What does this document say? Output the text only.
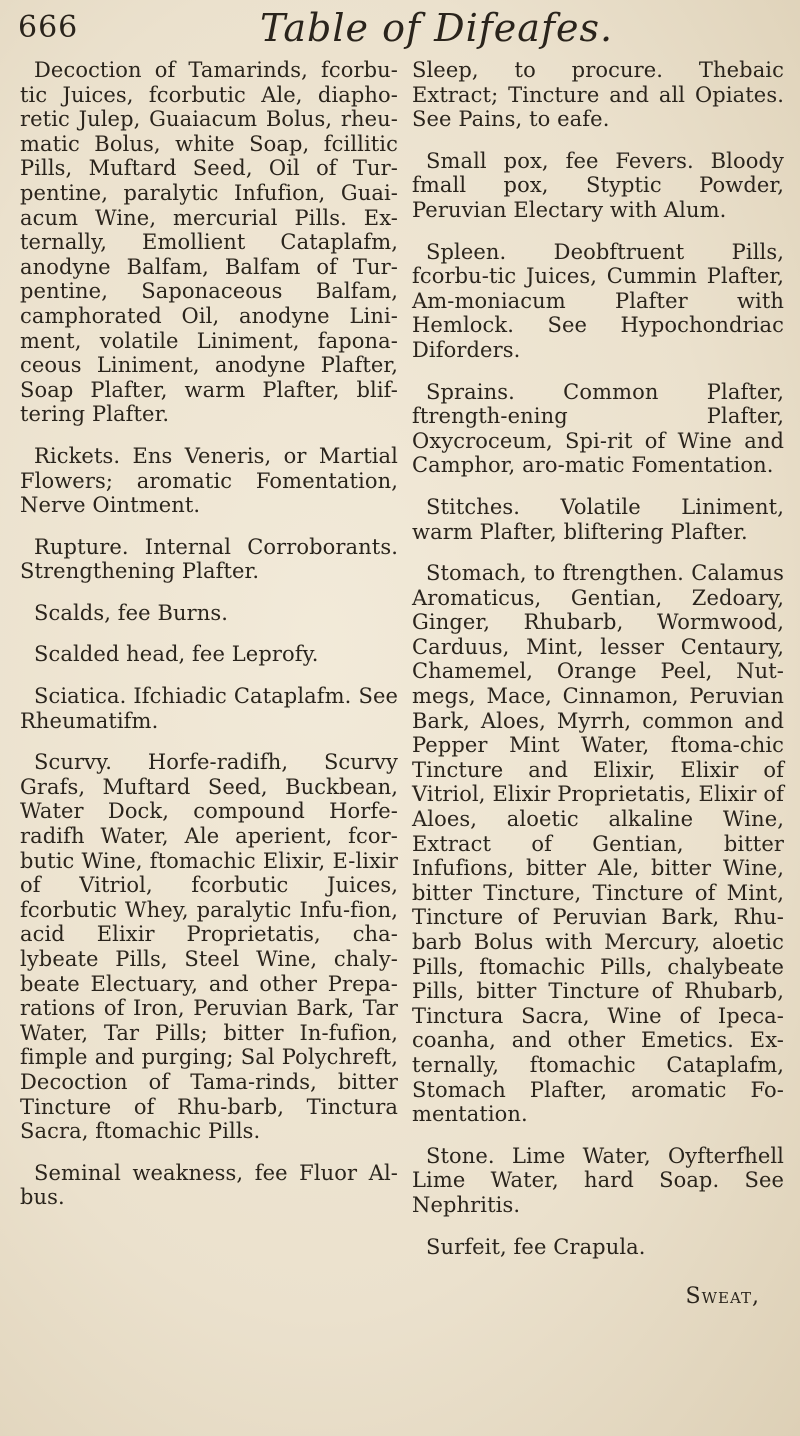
666	Table of Difeafes.

Decoction of Tamarinds, fcorbu-tic Juices, fcorbutic Ale, diapho-retic Julep, Guaiacum Bolus, rheu-matic Bolus, white Soap, fcillitic Pills, Muftard Seed, Oil of Tur-pentine, paralytic Infufion, Guai-acum Wine, mercurial Pills. Ex-ternally, Emollient Cataplafm, anodyne Balfam, Balfam of Tur-pentine, Saponaceous Balfam, camphorated Oil, anodyne Lini-ment, volatile Liniment, fapona-ceous Liniment, anodyne Plafter, Soap Plafter, warm Plafter, blif-tering Plafter.

Rickets. Ens Veneris, or Martial Flowers; aromatic Fomentation, Nerve Ointment.

Rupture. Internal Corroborants. Strengthening Plafter.

Scalds, fee Burns.

Scalded head, fee Leprofy.

Sciatica. Ifchiadic Cataplafm. See Rheumatifm.

Scurvy. Horfe-radifh, Scurvy Grafs, Muftard Seed, Buckbean, Water Dock, compound Horfe-radifh Water, Ale aperient, fcor-butic Wine, ftomachic Elixir, E-lixir of Vitriol, fcorbutic Juices, fcorbutic Whey, paralytic Infu-fion, acid Elixir Proprietatis, cha-lybeate Pills, Steel Wine, chaly-beate Electuary, and other Prepa-rations of Iron, Peruvian Bark, Tar Water, Tar Pills; bitter In-fufion, fimple and purging; Sal Polychreft, Decoction of Tama-rinds, bitter Tincture of Rhu-barb, Tinctura Sacra, ftomachic Pills.

Seminal weakness, fee Fluor Al-bus.

Sleep, to procure. Thebaic Extract; Tincture and all Opiates. See Pains, to eafe.

Small pox, fee Fevers. Bloody fmall pox, Styptic Powder, Peruvian Electary with Alum.

Spleen. Deobftruent Pills, fcorbu-tic Juices, Cummin Plafter, Am-moniacum Plafter with Hemlock. See Hypochondriac Diforders.

Sprains. Common Plafter, ftrength-ening Plafter, Oxycroceum, Spi-rit of Wine and Camphor, aro-matic Fomentation.

Stitches. Volatile Liniment, warm Plafter, bliftering Plafter.

Stomach, to ftrengthen. Calamus Aromaticus, Gentian, Zedoary, Ginger, Rhubarb, Wormwood, Carduus, Mint, lesser Centaury, Chamemel, Orange Peel, Nut-megs, Mace, Cinnamon, Peruvian Bark, Aloes, Myrrh, common and Pepper Mint Water, ftoma-chic Tincture and Elixir, Elixir of Vitriol, Elixir Proprietatis, Elixir of Aloes, aloetic alkaline Wine, Extract of Gentian, bitter Infufions, bitter Ale, bitter Wine, bitter Tincture, Tincture of Mint, Tincture of Peruvian Bark, Rhu-barb Bolus with Mercury, aloetic Pills, ftomachic Pills, chalybeate Pills, bitter Tincture of Rhubarb, Tinctura Sacra, Wine of Ipeca-coanha, and other Emetics. Ex-ternally, ftomachic Cataplafm, Stomach Plafter, aromatic Fo-mentation.

Stone. Lime Water, Oyfterfhell Lime Water, hard Soap. See Nephritis.

Surfeit, fee Crapula.

Sweat,
